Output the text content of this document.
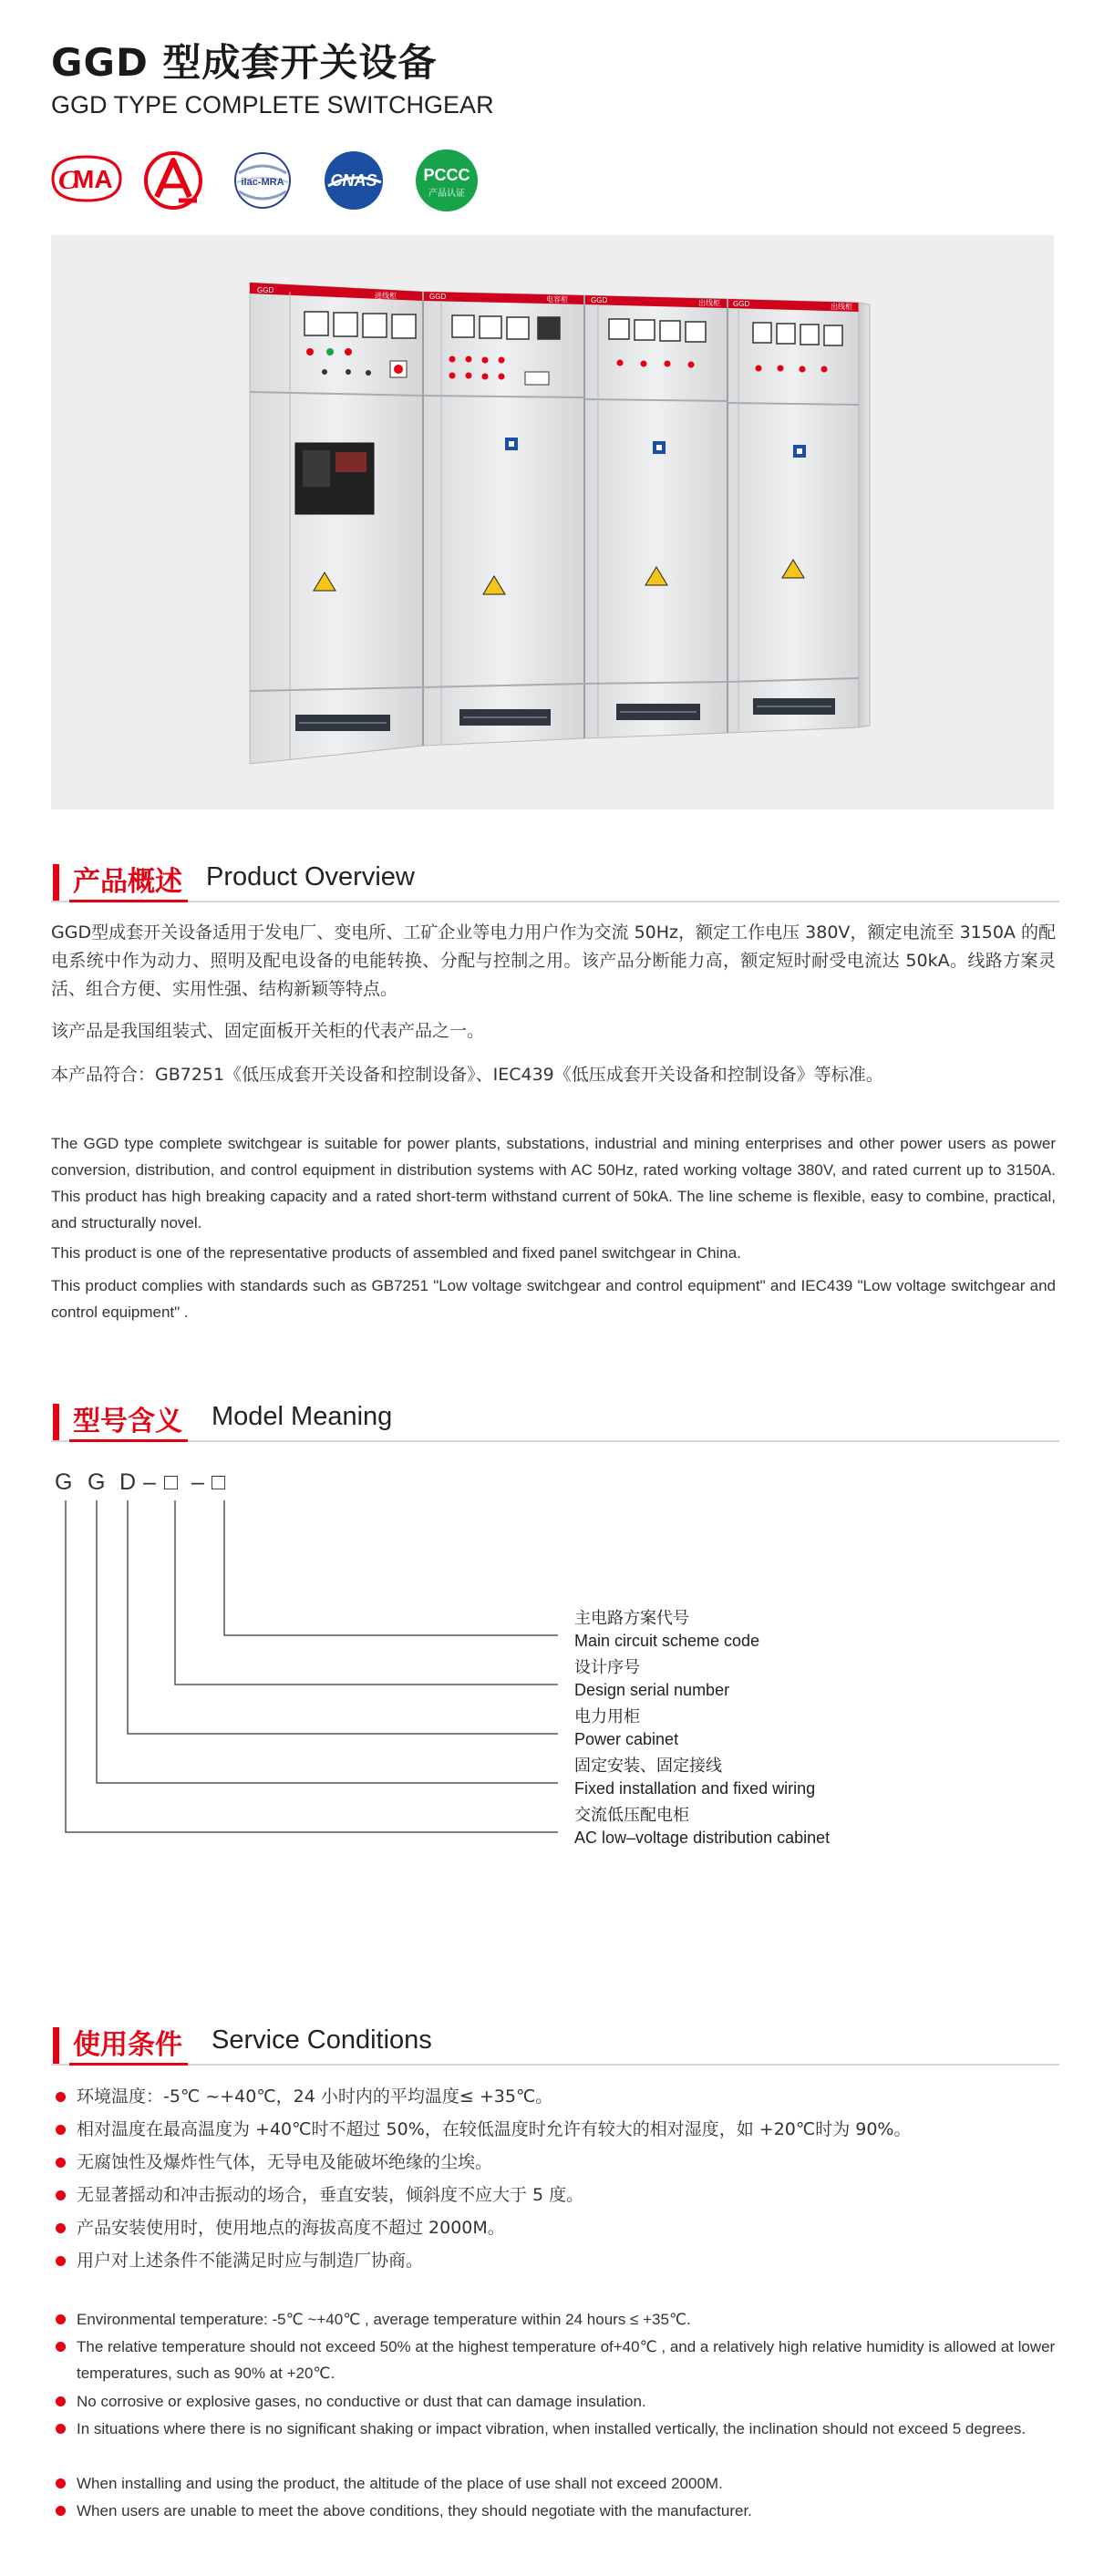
GGD 型成套开关设备
GGD TYPE COMPLETE SWITCHGEAR
C
MA	ilac-MRA	CNAS	PCCC
产品认证
GGD
进线柜	GGD	电容柜	GGD	出线柜 GGD	出线柜
产品概述 Product Overview

GGD型成套开关设备适用于发电厂、变电所、工矿企业等电力用户作为交流 50Hz，额定工作电压 380V，额定电流至 3150A 的配电系统中作为动力、照明及配电设备的电能转换、分配与控制之用。该产品分断能力高，额定短时耐受电流达 50kA。线路方案灵活、组合方便、实用性强、结构新颖等特点。

该产品是我国组装式、固定面板开关柜的代表产品之一。

本产品符合：GB7251《低压成套开关设备和控制设备》、IEC439《低压成套开关设备和控制设备》等标准。

The GGD type complete switchgear is suitable for power plants, substations, industrial and mining enterprises and other power users as power conversion, distribution, and control equipment in distribution systems with AC 50Hz, rated working voltage 380V, and rated current up to 3150A. This product has high breaking capacity and a rated short-term withstand current of 50kA. The line scheme is flexible, easy to combine, practical, and structurally novel.

This product is one of the representative products of assembled and fixed panel switchgear in China.

This product complies with standards such as GB7251 "Low voltage switchgear and control equipment" and IEC439 "Low voltage switchgear and control equipment" .

型号含义 Model Meaning
G G D – □ – □
主电路方案代号
Main circuit scheme code
设计序号
Design serial number
电力用柜
Power cabinet
固定安装、固定接线
Fixed installation and fixed wiring
交流低压配电柜
AC low–voltage distribution cabinet
使用条件 Service Conditions
环境温度：-5℃ ~+40℃，24 小时内的平均温度≤ +35℃。
相对温度在最高温度为 +40℃时不超过 50%，在较低温度时允许有较大的相对湿度，如 +20℃时为 90%。
无腐蚀性及爆炸性气体，无导电及能破坏绝缘的尘埃。
无显著摇动和冲击振动的场合，垂直安装，倾斜度不应大于 5 度。
产品安装使用时，使用地点的海拔高度不超过 2000M。
用户对上述条件不能满足时应与制造厂协商。
Environmental temperature: -5℃ ~+40℃ , average temperature within 24 hours ≤ +35℃.
The relative temperature should not exceed 50% at the highest temperature of+40℃ , and a relatively high relative humidity is allowed at lower temperatures, such as 90% at +20℃.
No corrosive or explosive gases, no conductive or dust that can damage insulation.
In situations where there is no significant shaking or impact vibration, when installed vertically, the inclination should not exceed 5 degrees.
When installing and using the product, the altitude of the place of use shall not exceed 2000M.
When users are unable to meet the above conditions, they should negotiate with the manufacturer.
